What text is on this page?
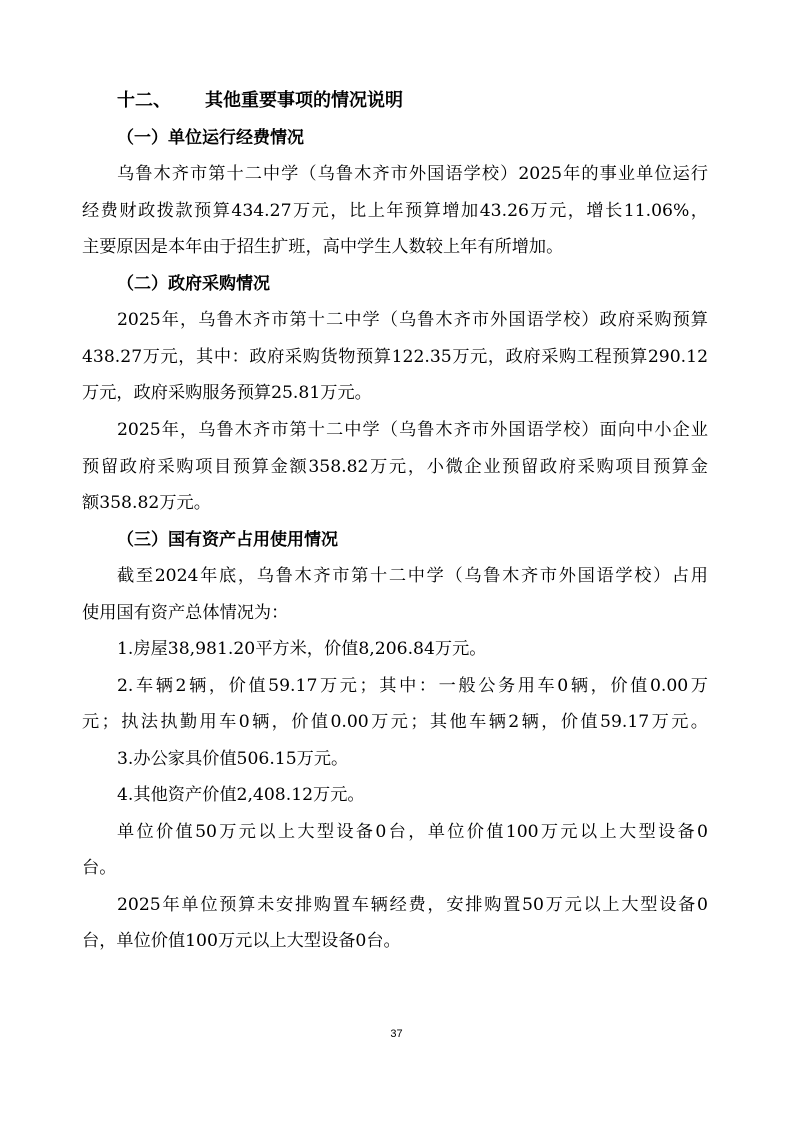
十二、 其他重要事项的情况说明
（一）单位运行经费情况
乌鲁木齐市第十二中学（乌鲁木齐市外国语学校）2025年的事业单位运行
经费财政拨款预算434.27万元，比上年预算增加43.26万元，增长11.06%，
主要原因是本年由于招生扩班，高中学生人数较上年有所增加。
（二）政府采购情况
2025年，乌鲁木齐市第十二中学（乌鲁木齐市外国语学校）政府采购预算
438.27万元，其中：政府采购货物预算122.35万元，政府采购工程预算290.12
万元，政府采购服务预算25.81万元。
2025年，乌鲁木齐市第十二中学（乌鲁木齐市外国语学校）面向中小企业
预留政府采购项目预算金额358.82万元，小微企业预留政府采购项目预算金
额358.82万元。
（三）国有资产占用使用情况
截至2024年底，乌鲁木齐市第十二中学（乌鲁木齐市外国语学校）占用
使用国有资产总体情况为：
1.房屋38,981.20平方米，价值8,206.84万元。
2.车辆2辆，价值59.17万元；其中：一般公务用车0辆，价值0.00万
元；执法执勤用车0辆，价值0.00万元；其他车辆2辆，价值59.17万元。
3.办公家具价值506.15万元。
4.其他资产价值2,408.12万元。
单位价值50万元以上大型设备0台，单位价值100万元以上大型设备0
台。
2025年单位预算未安排购置车辆经费，安排购置50万元以上大型设备0
台，单位价值100万元以上大型设备0台。
37
